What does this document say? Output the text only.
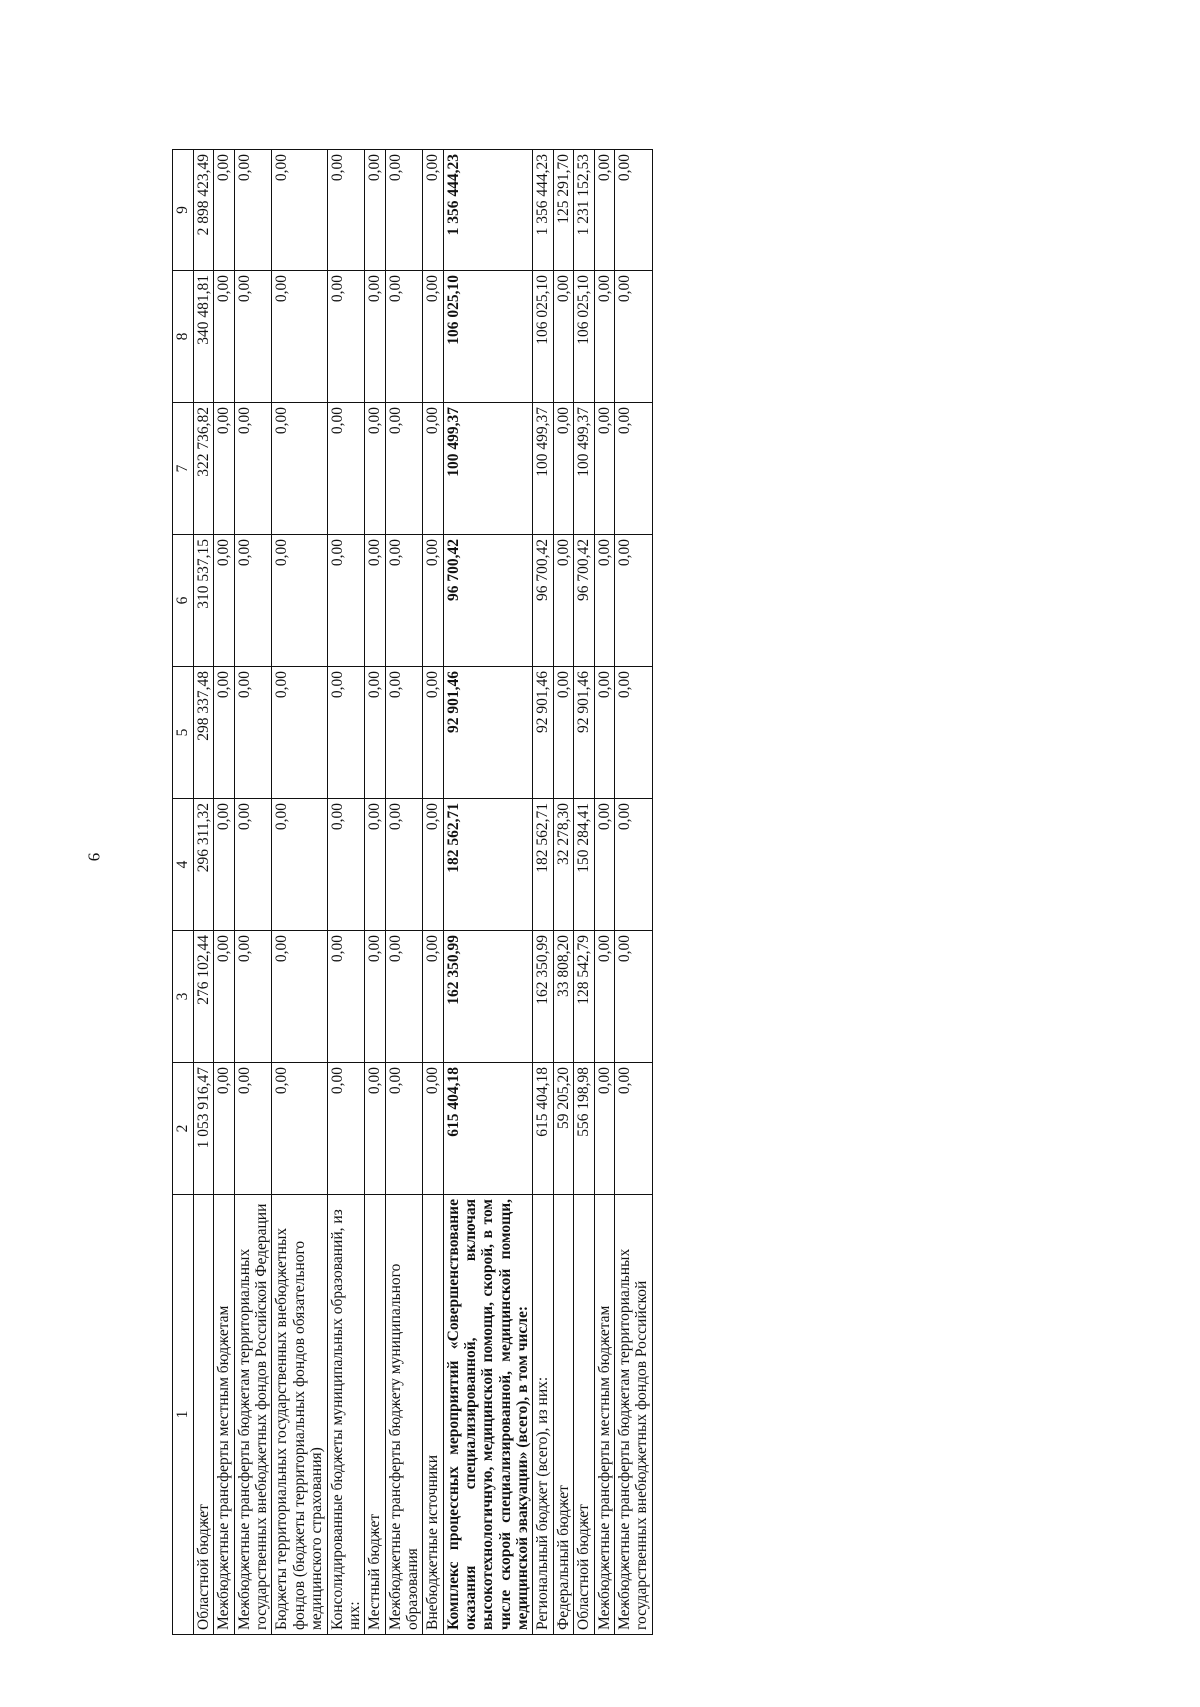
9
1	2	3	4	5	6	7	8	9
Областной бюджет	1 053 916,47	276 102,44	296 311,32	298 337,48	310 537,15	322 736,82	340 481,81	2 898 423,49
Межбюджетные трансферты местным бюджетам	0,00	0,00	0,00	0,00	0,00	0,00	0,00	0,00
Межбюджетные трансферты бюджетам территориальных государственных внебюджетных фондов Российской Федерации	0,00	0,00	0,00	0,00	0,00	0,00	0,00	0,00
Бюджеты территориальных государственных внебюджетных фондов (бюджеты территориальных фондов обязательного медицинского страхования)	0,00	0,00	0,00	0,00	0,00	0,00	0,00	0,00
Консолидированные бюджеты муниципальных образований, из них:	0,00	0,00	0,00	0,00	0,00	0,00	0,00	0,00
Местный бюджет	0,00	0,00	0,00	0,00	0,00	0,00	0,00	0,00
Межбюджетные трансферты бюджету муниципального образования	0,00	0,00	0,00	0,00	0,00	0,00	0,00	0,00
Внебюджетные источники	0,00	0,00	0,00	0,00	0,00	0,00	0,00	0,00
Комплекс процессных мероприятий «Совершенствование оказания специализированной, включая высокотехнологичную, медицинской помощи, скорой, в том числе скорой специализированной, медицинской помощи, медицинской эвакуации» (всего), в том числе:	615 404,18	162 350,99	182 562,71	92 901,46	96 700,42	100 499,37	106 025,10	1 356 444,23
Региональный бюджет (всего), из них:	615 404,18	162 350,99	182 562,71	92 901,46	96 700,42	100 499,37	106 025,10	1 356 444,23
Федеральный бюджет	59 205,20	33 808,20	32 278,30	0,00	0,00	0,00	0,00	125 291,70
Областной бюджет	556 198,98	128 542,79	150 284,41	92 901,46	96 700,42	100 499,37	106 025,10	1 231 152,53
Межбюджетные трансферты местным бюджетам	0,00	0,00	0,00	0,00	0,00	0,00	0,00	0,00
Межбюджетные трансферты бюджетам территориальных государственных внебюджетных фондов Российской	0,00	0,00	0,00	0,00	0,00	0,00	0,00	0,00
